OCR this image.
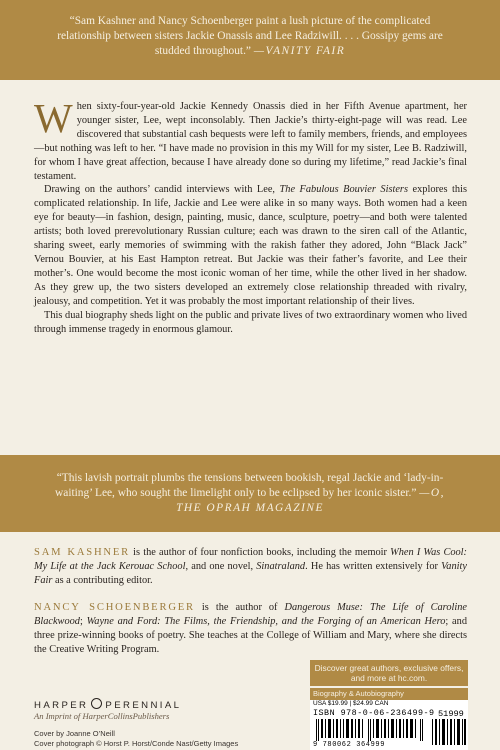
“Sam Kashner and Nancy Schoenberger paint a lush picture of the complicated relationship between sisters Jackie Onassis and Lee Radziwill. . . . Gossipy gems are studded throughout.” —VANITY FAIR

When sixty-four-year-old Jackie Kennedy Onassis died in her Fifth Avenue apartment, her younger sister, Lee, wept inconsolably. Then Jackie’s thirty-eight-page will was read. Lee discovered that substantial cash bequests were left to family members, friends, and employees—but nothing was left to her. “I have made no provision in this my Will for my sister, Lee B. Radziwill, for whom I have great affection, because I have already done so during my lifetime,” read Jackie’s final testament.

Drawing on the authors’ candid interviews with Lee, The Fabulous Bouvier Sisters explores this complicated relationship. In life, Jackie and Lee were alike in so many ways. Both women had a keen eye for beauty—in fashion, design, painting, music, dance, sculpture, poetry—and both were talented artists; both loved prerevolutionary Russian culture; each was drawn to the siren call of the Atlantic, sharing sweet, early memories of swimming with the rakish father they adored, John “Black Jack” Vernou Bouvier, at his East Hampton retreat. But Jackie was their father’s favorite, and Lee their mother’s. One would become the most iconic woman of her time, while the other lived in her shadow. As they grew up, the two sisters developed an extremely close relationship threaded with rivalry, jealousy, and competition. Yet it was probably the most important relationship of their lives.

This dual biography sheds light on the public and private lives of two extraordinary women who lived through immense tragedy in enormous glamour.

“This lavish portrait plumbs the tensions between bookish, regal Jackie and ‘lady-in-waiting’ Lee, who sought the limelight only to be eclipsed by her iconic sister.” —O, THE OPRAH MAGAZINE
SAM KASHNER is the author of four nonfiction books, including the memoir When I Was Cool: My Life at the Jack Kerouac School, and one novel, Sinatraland. He has written extensively for Vanity Fair as a contributing editor.
NANCY SCHOENBERGER is the author of Dangerous Muse: The Life of Caroline Blackwood; Wayne and Ford: The Films, the Friendship, and the Forging of an American Hero; and three prize-winning books of poetry. She teaches at the College of William and Mary, where she directs the Creative Writing Program.
HARPER PERENNIAL
An Imprint of HarperCollinsPublishers
Cover by Joanne O’Neill
Cover photograph © Horst P. Horst/Conde Nast/Getty Images
Discover great authors, exclusive offers, and more at hc.com.
Biography & Autobiography
USA $19.99 | $24.99 CAN
ISBN 978-0-06-236499-9
9 780062 364999
51999
